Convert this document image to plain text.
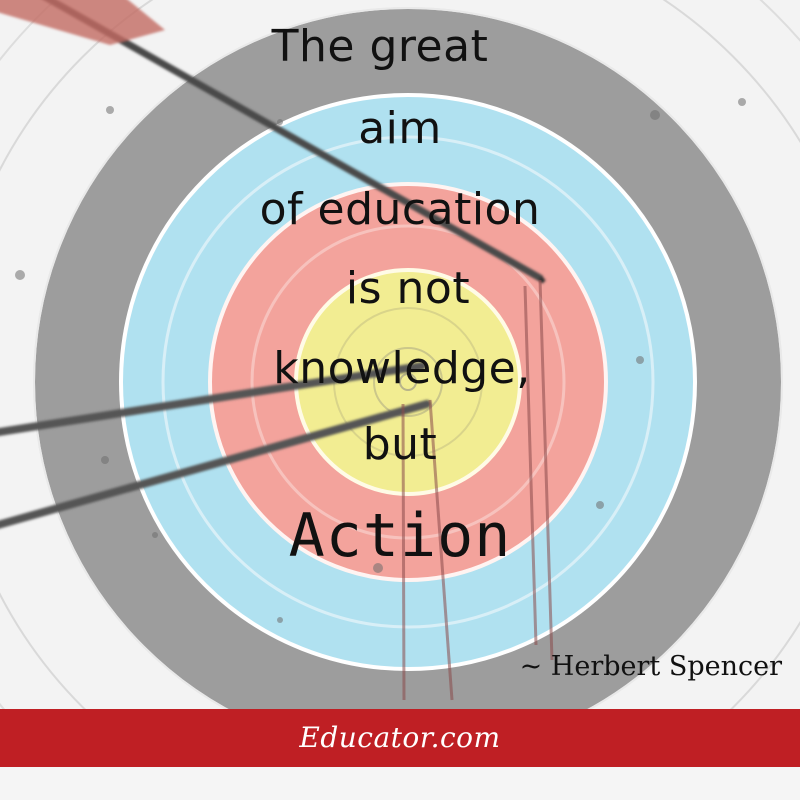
The great
aim
of education
is not
knowledge,
but
Action
~ Herbert Spencer
Educator.com
